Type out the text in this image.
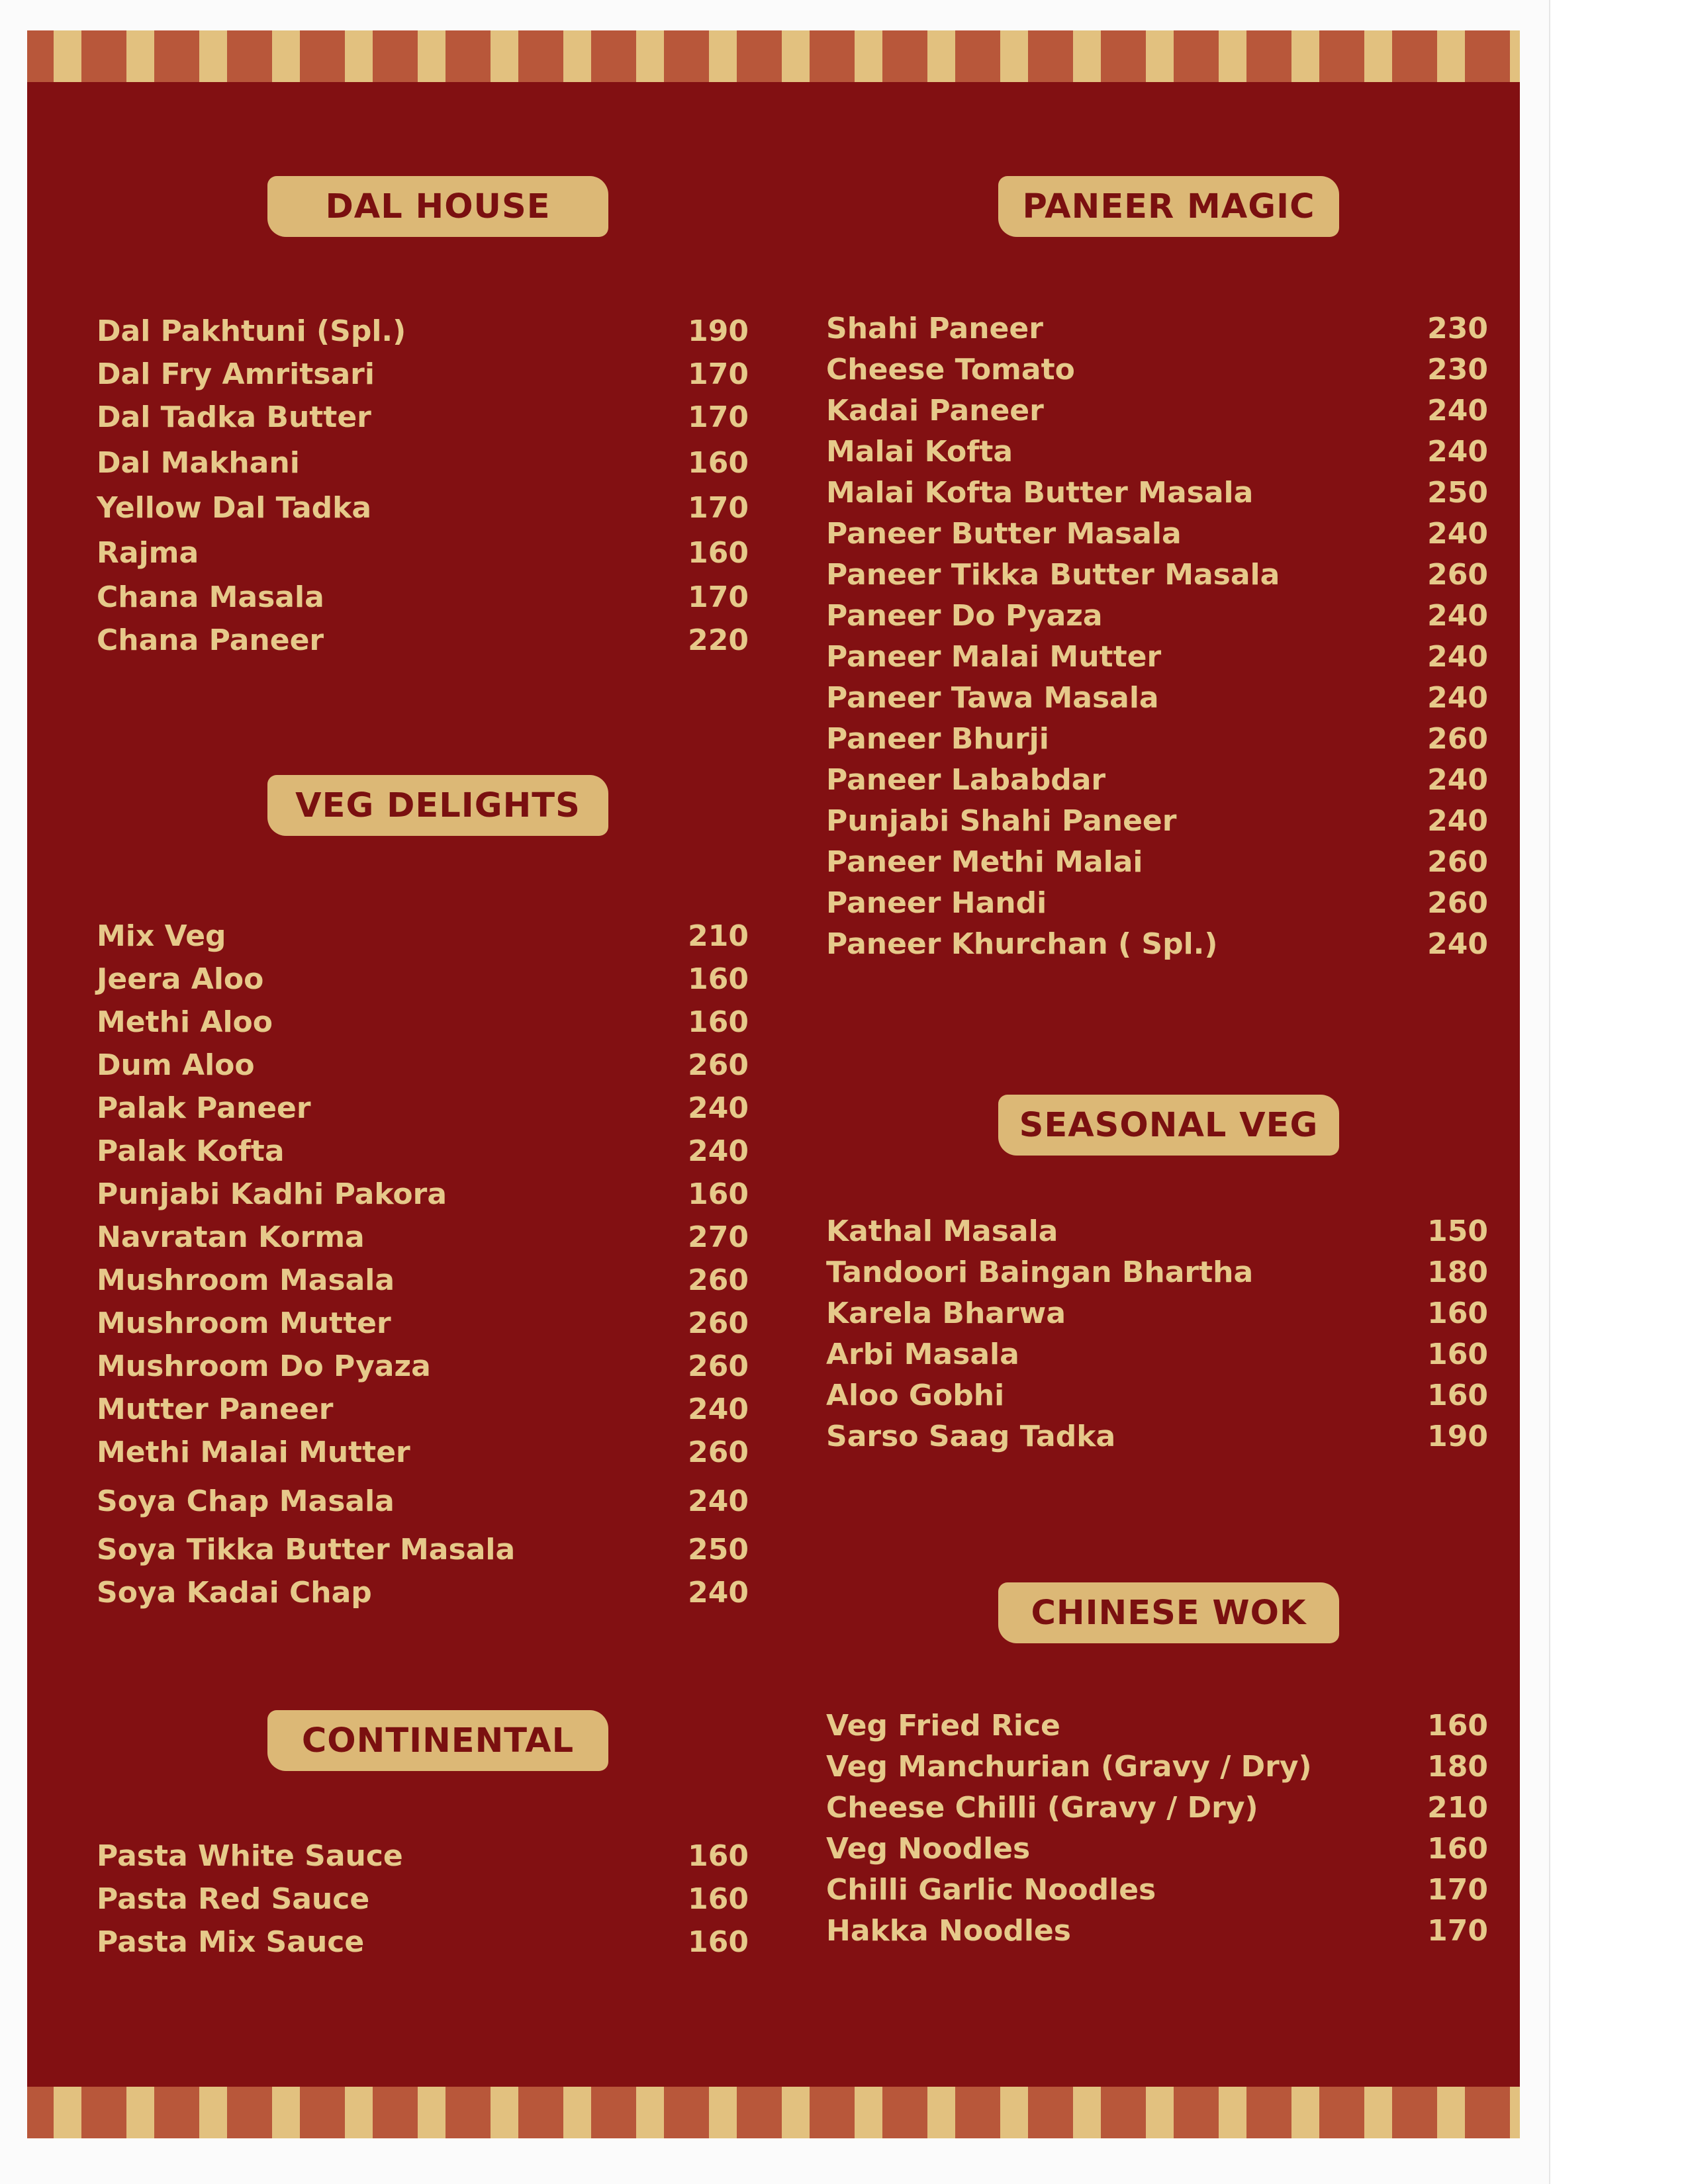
DAL HOUSE
Dal Pakhtuni (Spl.)	190
Dal Fry Amritsari	170
Dal Tadka Butter	170
Dal Makhani	160
Yellow Dal Tadka	170
Rajma	160
Chana Masala	170
Chana Paneer	220
VEG DELIGHTS
Mix Veg	210
Jeera Aloo	160
Methi Aloo	160
Dum Aloo	260
Palak Paneer	240
Palak Kofta	240
Punjabi Kadhi Pakora	160
Navratan Korma	270
Mushroom Masala	260
Mushroom Mutter	260
Mushroom Do Pyaza	260
Mutter Paneer	240
Methi Malai Mutter	260
Soya Chap Masala	240
Soya Tikka Butter Masala	250
Soya Kadai Chap	240
CONTINENTAL
Pasta White Sauce	160
Pasta Red Sauce	160
Pasta Mix Sauce	160
PANEER MAGIC
Shahi Paneer	230
Cheese Tomato	230
Kadai Paneer	240
Malai Kofta	240
Malai Kofta Butter Masala	250
Paneer Butter Masala	240
Paneer Tikka Butter Masala	260
Paneer Do Pyaza	240
Paneer Malai Mutter	240
Paneer Tawa Masala	240
Paneer Bhurji	260
Paneer Lababdar	240
Punjabi Shahi Paneer	240
Paneer Methi Malai	260
Paneer Handi	260
Paneer Khurchan ( Spl.)	240
SEASONAL VEG
Kathal Masala	150
Tandoori Baingan Bhartha	180
Karela Bharwa	160
Arbi Masala	160
Aloo Gobhi	160
Sarso Saag Tadka	190
CHINESE WOK
Veg Fried Rice	160
Veg Manchurian (Gravy / Dry)	180
Cheese Chilli (Gravy / Dry)	210
Veg Noodles	160
Chilli Garlic Noodles	170
Hakka Noodles	170
